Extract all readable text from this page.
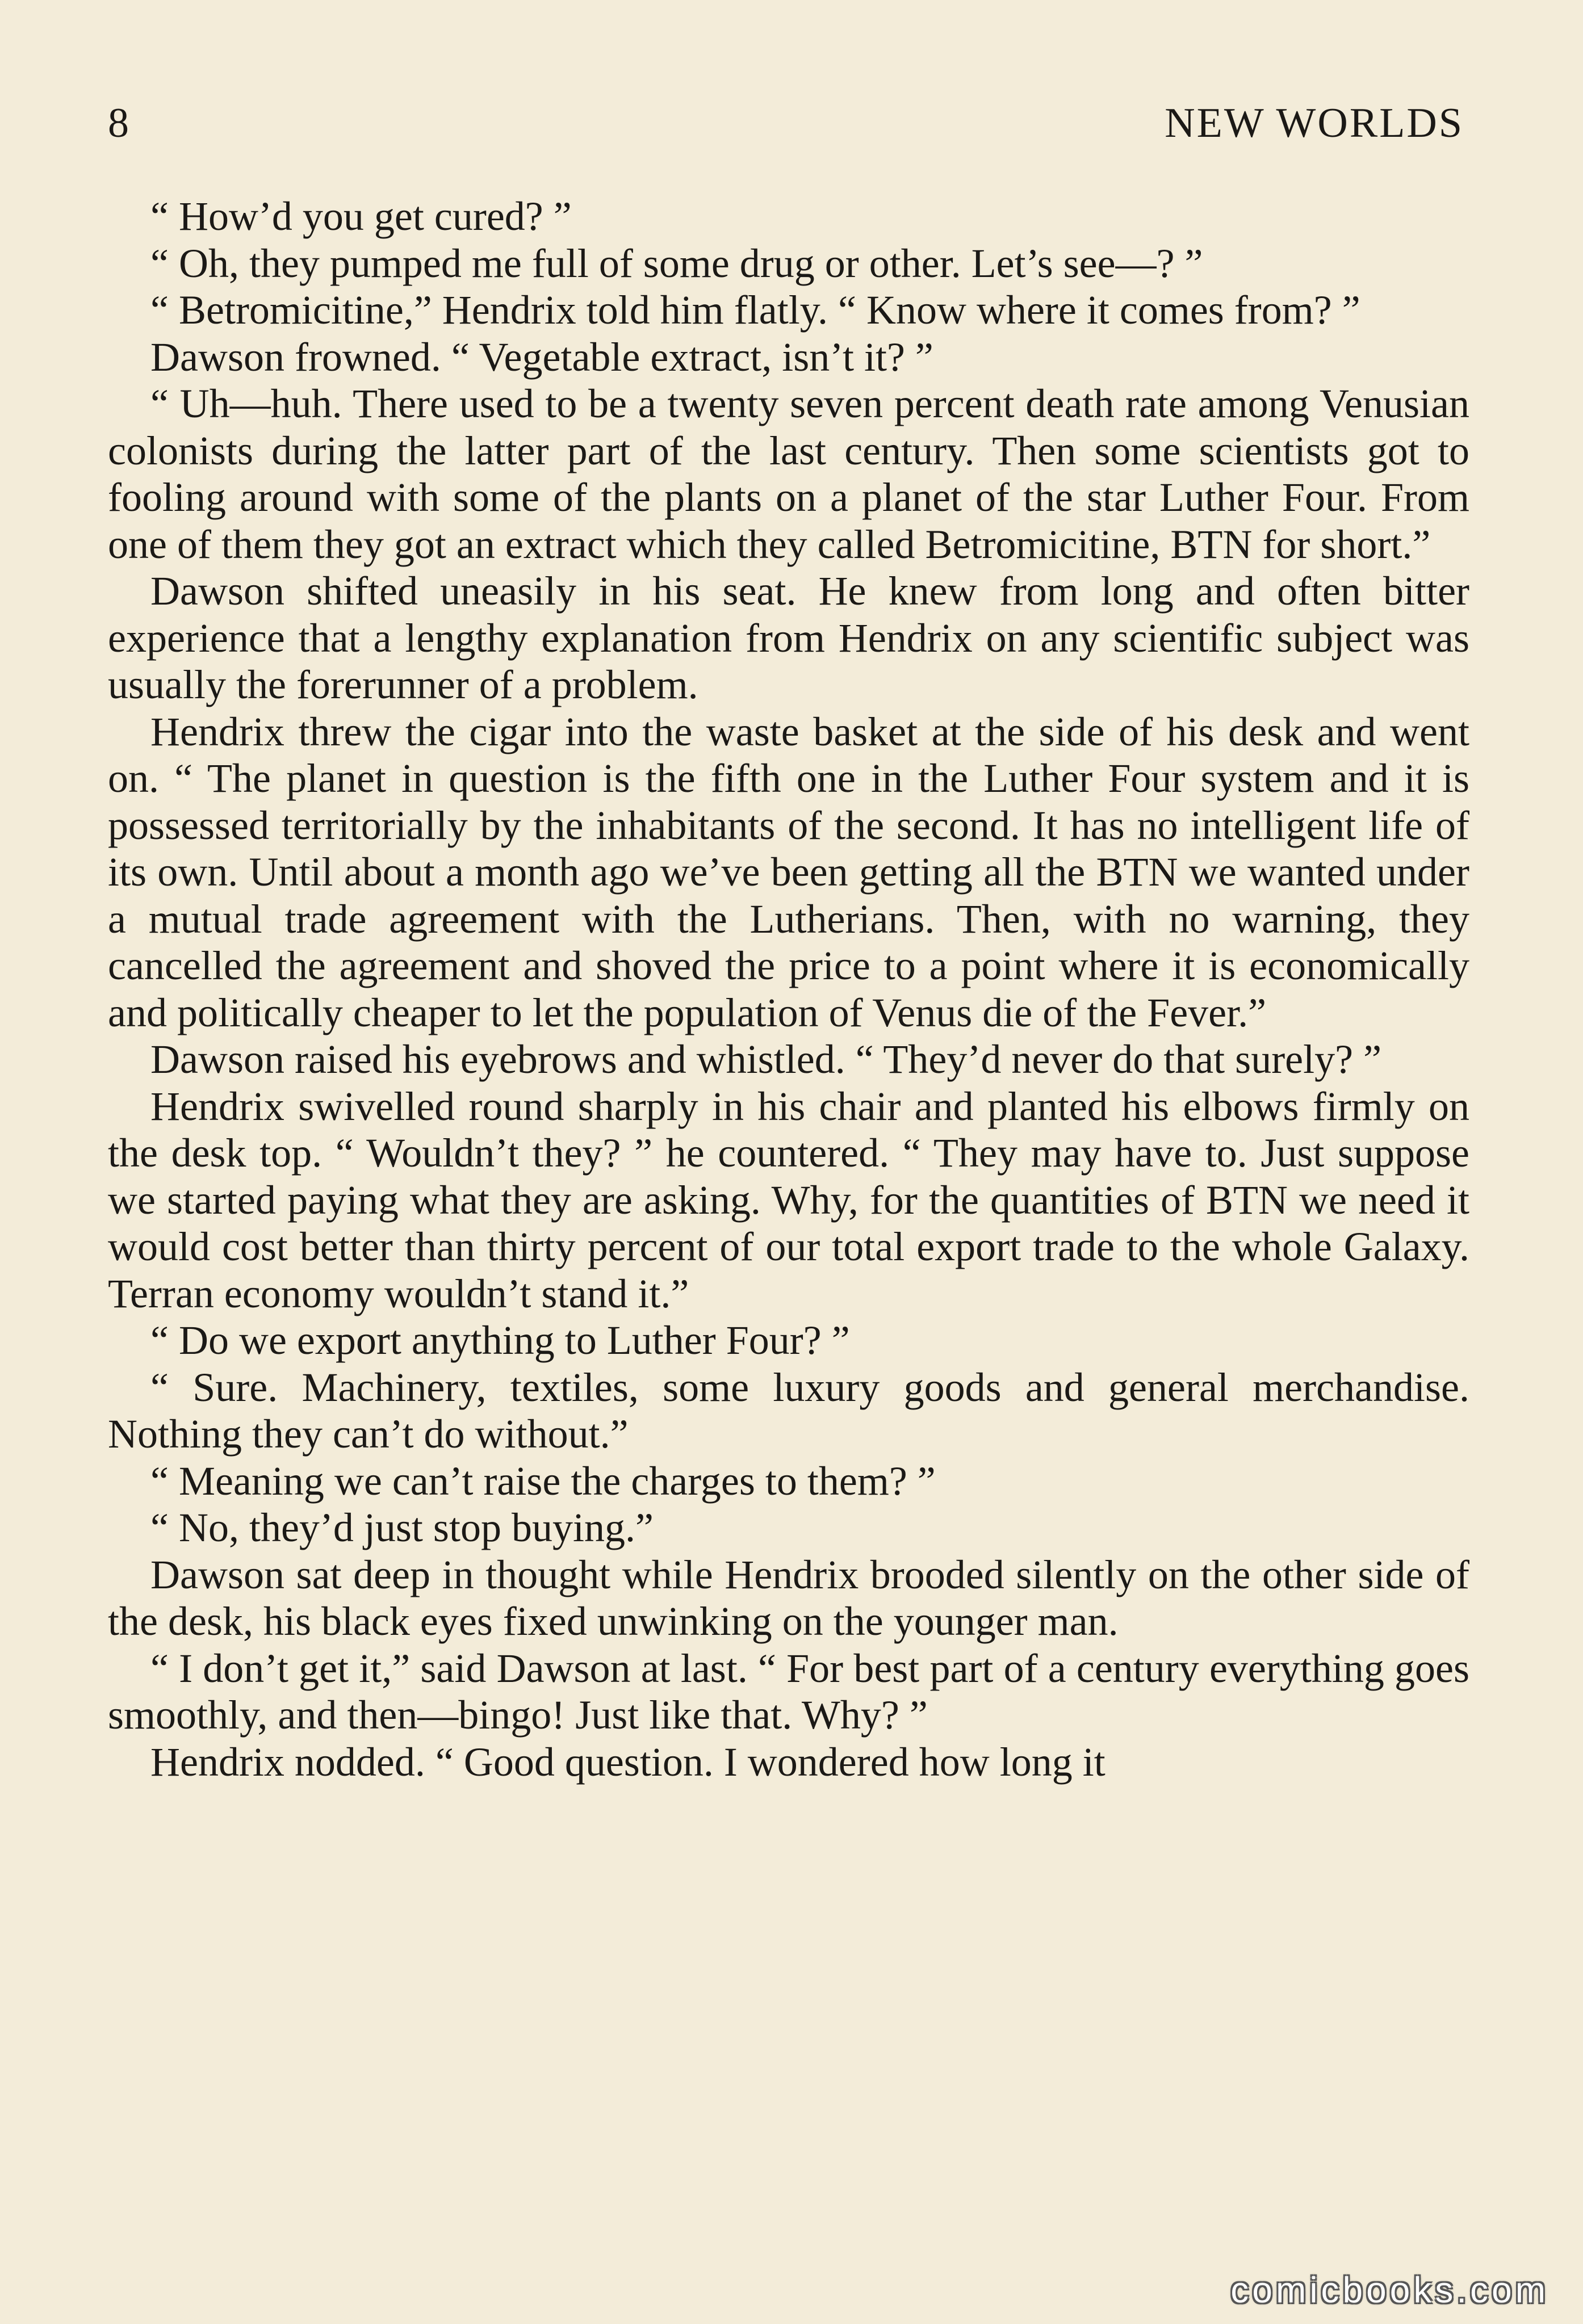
8	NEW WORLDS

“ How’d you get cured? ”

“ Oh, they pumped me full of some drug or other. Let’s see—? ”

“ Betromicitine,” Hendrix told him flatly. “ Know where it comes from? ”

Dawson frowned. “ Vegetable extract, isn’t it? ”

“ Uh—huh. There used to be a twenty seven percent death rate among Venusian colonists during the latter part of the last century. Then some scientists got to fooling around with some of the plants on a planet of the star Luther Four. From one of them they got an extract which they called Betromicitine, BTN for short.”

Dawson shifted uneasily in his seat. He knew from long and often bitter experience that a lengthy explanation from Hendrix on any scientific subject was usually the forerunner of a problem.

Hendrix threw the cigar into the waste basket at the side of his desk and went on. “ The planet in question is the fifth one in the Luther Four system and it is possessed territorially by the inhabitants of the second. It has no intelligent life of its own. Until about a month ago we’ve been getting all the BTN we wanted under a mutual trade agreement with the Lutherians. Then, with no warning, they cancelled the agreement and shoved the price to a point where it is economically and politically cheaper to let the population of Venus die of the Fever.”

Dawson raised his eyebrows and whistled. “ They’d never do that surely? ”

Hendrix swivelled round sharply in his chair and planted his elbows firmly on the desk top. “ Wouldn’t they? ” he countered. “ They may have to. Just suppose we started paying what they are asking. Why, for the quantities of BTN we need it would cost better than thirty percent of our total export trade to the whole Galaxy. Terran economy wouldn’t stand it.”

“ Do we export anything to Luther Four? ”

“ Sure. Machinery, textiles, some luxury goods and general merchandise. Nothing they can’t do without.”

“ Meaning we can’t raise the charges to them? ”

“ No, they’d just stop buying.”

Dawson sat deep in thought while Hendrix brooded silently on the other side of the desk, his black eyes fixed unwinking on the younger man.

“ I don’t get it,” said Dawson at last. “ For best part of a century everything goes smoothly, and then—bingo! Just like that. Why? ”

Hendrix nodded. “ Good question. I wondered how long it

comicbooks.com
